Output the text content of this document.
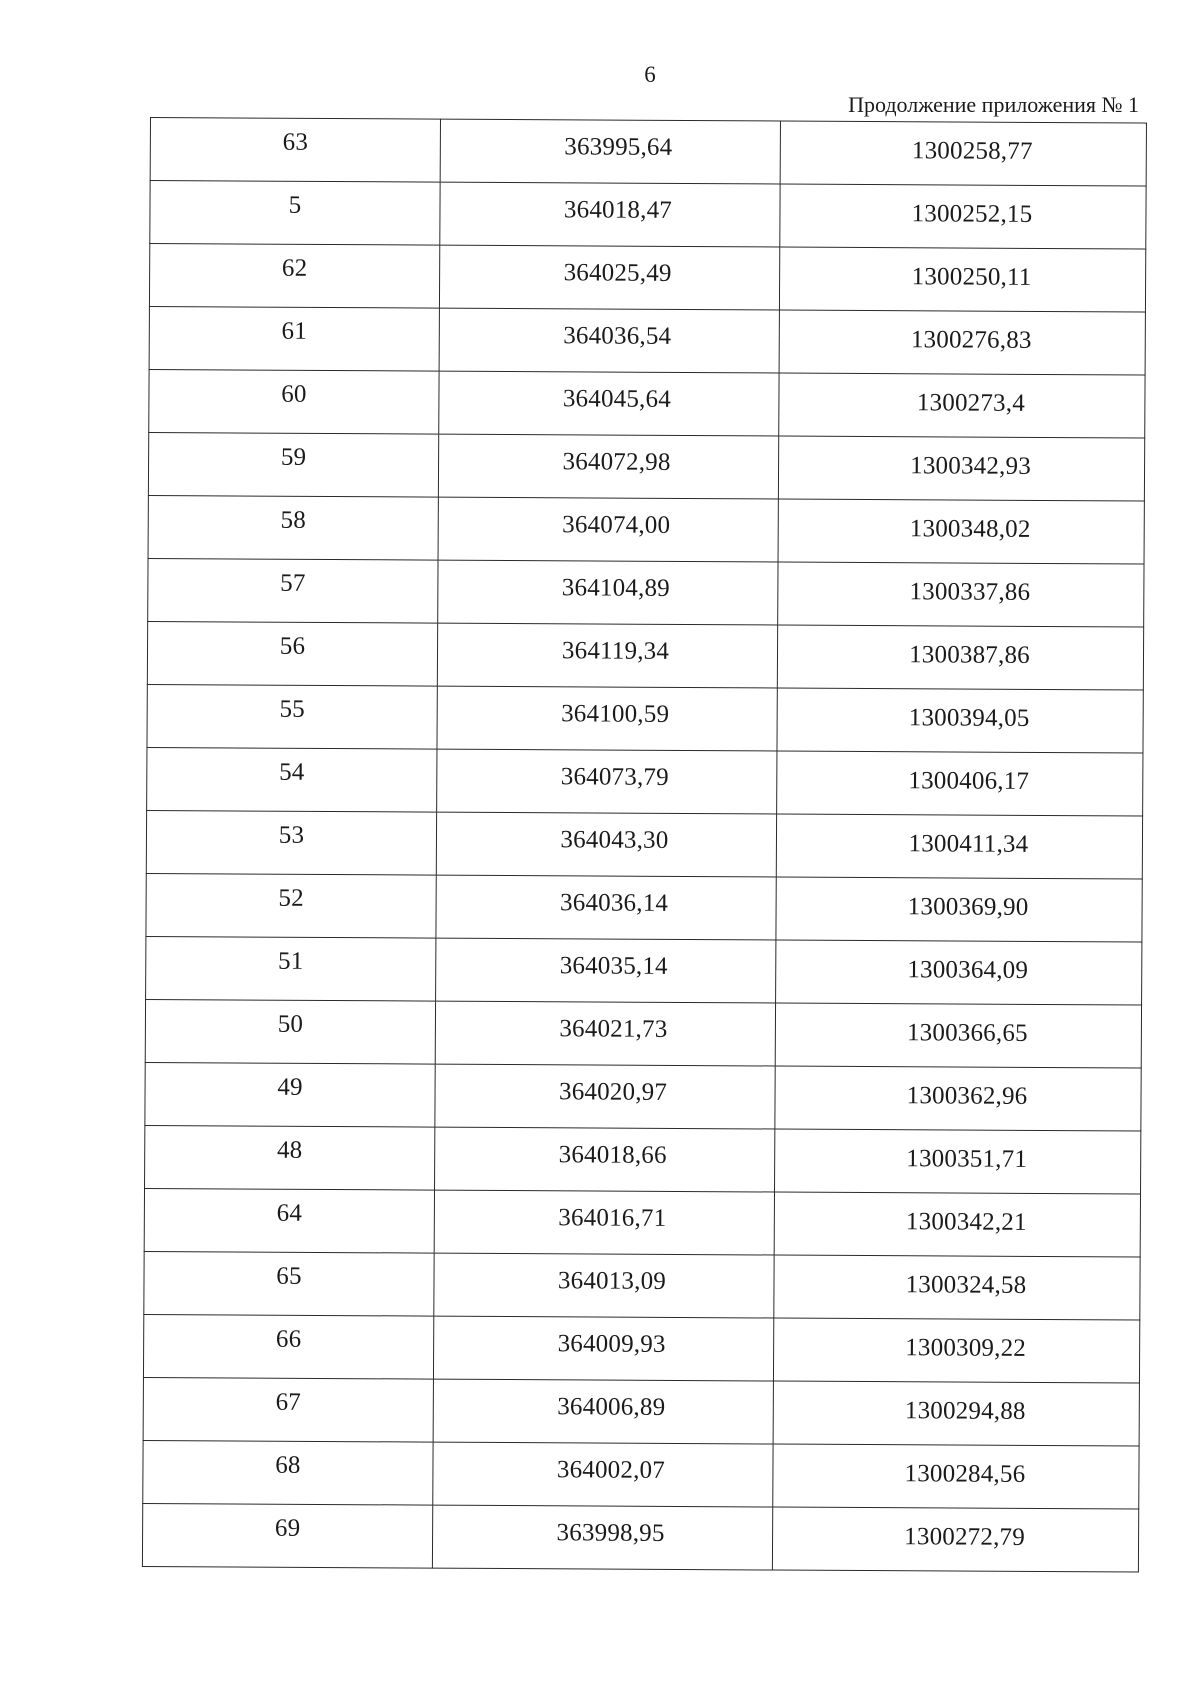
6
Продолжение приложения № 1
63	363995,64	1300258,77
5	364018,47	1300252,15
62	364025,49	1300250,11
61	364036,54	1300276,83
60	364045,64	1300273,4
59	364072,98	1300342,93
58	364074,00	1300348,02
57	364104,89	1300337,86
56	364119,34	1300387,86
55	364100,59	1300394,05
54	364073,79	1300406,17
53	364043,30	1300411,34
52	364036,14	1300369,90
51	364035,14	1300364,09
50	364021,73	1300366,65
49	364020,97	1300362,96
48	364018,66	1300351,71
64	364016,71	1300342,21
65	364013,09	1300324,58
66	364009,93	1300309,22
67	364006,89	1300294,88
68	364002,07	1300284,56
69	363998,95	1300272,79
